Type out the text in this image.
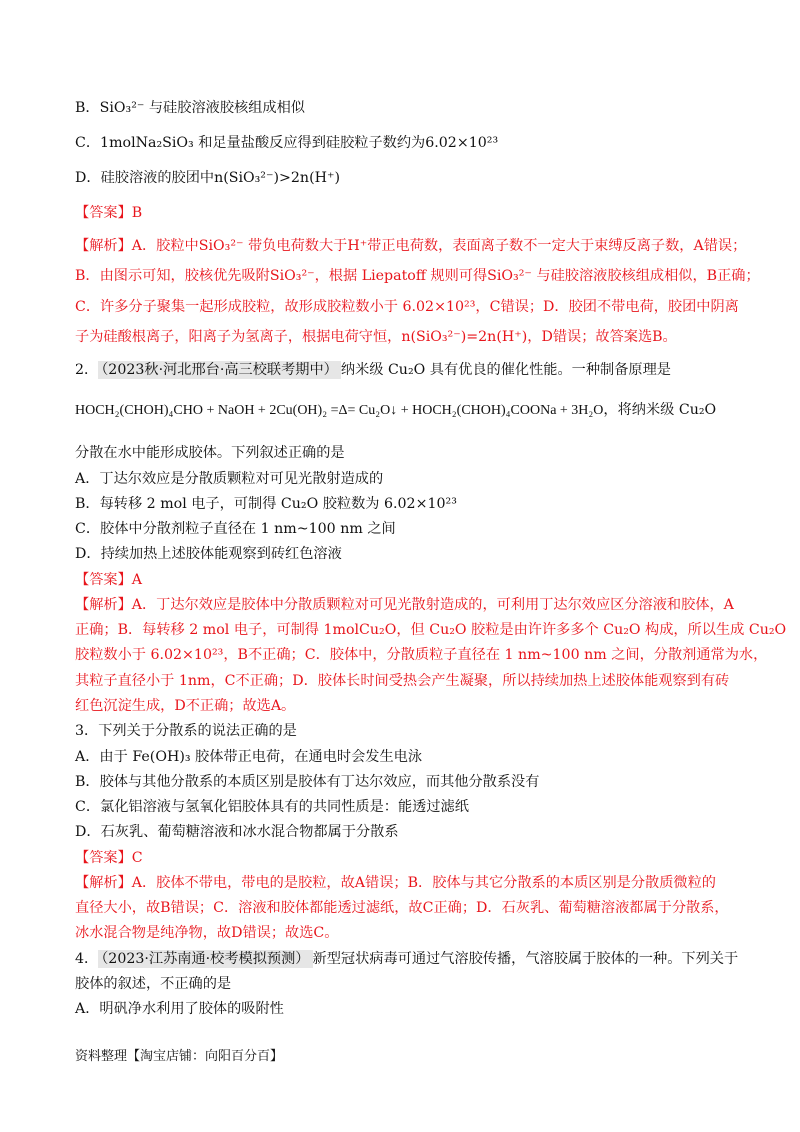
B．SiO₃²⁻ 与硅胶溶液胶核组成相似
C．1molNa₂SiO₃ 和足量盐酸反应得到硅胶粒子数约为6.02×10²³
D．硅胶溶液的胶团中n(SiO₃²⁻)>2n(H⁺)
【答案】B
【解析】A．胶粒中SiO₃²⁻ 带负电荷数大于H⁺带正电荷数，表面离子数不一定大于束缚反离子数，A错误；
B．由图示可知，胶核优先吸附SiO₃²⁻，根据 Liepatoff 规则可得SiO₃²⁻ 与硅胶溶液胶核组成相似，B正确；
C．许多分子聚集一起形成胶粒，故形成胶粒数小于 6.02×10²³，C错误；D．胶团不带电荷，胶团中阴离
子为硅酸根离子，阳离子为氢离子，根据电荷守恒，n(SiO₃²⁻)=2n(H⁺)，D错误；故答案选B。
2． （2023秋·河北邢台·高三校联考期中） 纳米级 Cu₂O 具有优良的催化性能。一种制备原理是
HOCH₂(CHOH)₄CHO + NaOH + 2Cu(OH)₂ =Δ= Cu₂O↓ + HOCH₂(CHOH)₄COONa + 3H₂O，将纳米级 Cu₂O
分散在水中能形成胶体。下列叙述正确的是
A．丁达尔效应是分散质颗粒对可见光散射造成的
B．每转移 2 mol 电子，可制得 Cu₂O 胶粒数为 6.02×10²³
C．胶体中分散剂粒子直径在 1 nm~100 nm 之间
D．持续加热上述胶体能观察到砖红色溶液
【答案】A
【解析】A．丁达尔效应是胶体中分散质颗粒对可见光散射造成的，可利用丁达尔效应区分溶液和胶体，A
正确；B．每转移 2 mol 电子，可制得 1molCu₂O，但 Cu₂O 胶粒是由许许多多个 Cu₂O 构成，所以生成 Cu₂O
胶粒数小于 6.02×10²³，B不正确；C．胶体中，分散质粒子直径在 1 nm~100 nm 之间，分散剂通常为水，
其粒子直径小于 1nm，C不正确；D．胶体长时间受热会产生凝聚，所以持续加热上述胶体能观察到有砖
红色沉淀生成，D不正确；故选A。
3．下列关于分散系的说法正确的是
A．由于 Fe(OH)₃ 胶体带正电荷，在通电时会发生电泳
B．胶体与其他分散系的本质区别是胶体有丁达尔效应，而其他分散系没有
C．氯化铝溶液与氢氧化铝胶体具有的共同性质是：能透过滤纸
D．石灰乳、葡萄糖溶液和冰水混合物都属于分散系
【答案】C
【解析】A．胶体不带电，带电的是胶粒，故A错误；B．胶体与其它分散系的本质区别是分散质微粒的
直径大小，故B错误；C．溶液和胶体都能透过滤纸，故C正确；D．石灰乳、葡萄糖溶液都属于分散系，
冰水混合物是纯净物，故D错误；故选C。
4． （2023·江苏南通·校考模拟预测） 新型冠状病毒可通过气溶胶传播，气溶胶属于胶体的一种。下列关于
胶体的叙述，不正确的是
A．明矾净水利用了胶体的吸附性
资料整理【淘宝店铺：向阳百分百】
